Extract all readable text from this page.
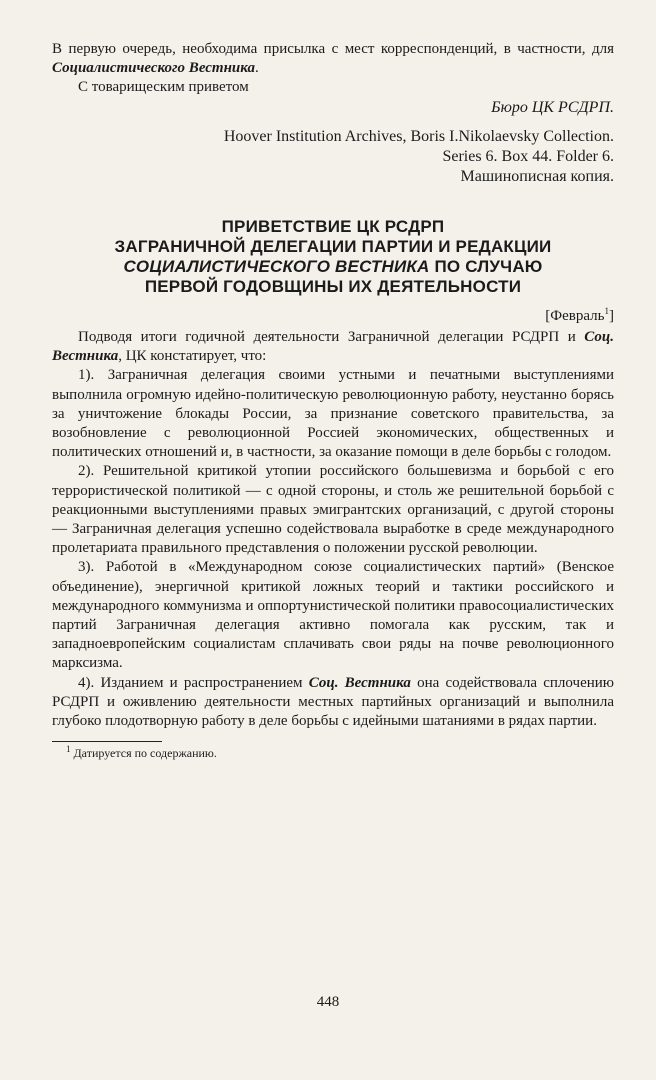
В первую очередь, необходима присылка с мест корреспонденций, в частности, для Социалистического Вестника.

С товарищеским приветом

Бюро ЦК РСДРП.

Hoover Institution Archives, Boris I.Nikolaevsky Collection.

Series 6. Box 44. Folder 6.

Машинописная копия.

ПРИВЕТСТВИЕ ЦК РСДРП
ЗАГРАНИЧНОЙ ДЕЛЕГАЦИИ ПАРТИИ И РЕДАКЦИИ
СОЦИАЛИСТИЧЕСКОГО ВЕСТНИКА ПО СЛУЧАЮ
ПЕРВОЙ ГОДОВЩИНЫ ИХ ДЕЯТЕЛЬНОСТИ

[Февраль$^1$]

Подводя итоги годичной деятельности Заграничной делегации РСДРП и Соц. Вестника, ЦК констатирует, что:

1). Заграничная делегация своими устными и печатными выступлениями выполнила огромную идейно-политическую революционную работу, неустанно борясь за уничтожение блокады России, за признание советского правительства, за возобновление с революционной Россией экономических, общественных и политических отношений и, в частности, за оказание помощи в деле борьбы с голодом.

2). Решительной критикой утопии российского большевизма и борьбой с его террористической политикой — с одной стороны, и столь же решительной борьбой с реакционными выступлениями правых эмигрантских организаций, с другой стороны — Заграничная делегация успешно содействовала выработке в среде международного пролетариата правильного представления о положении русской революции.

3). Работой в «Международном союзе социалистических партий» (Венское объединение), энергичной критикой ложных теорий и тактики российского и международного коммунизма и оппортунистической политики правосоциалистических партий Заграничная делегация активно помогала как русским, так и западноевропейским социалистам сплачивать свои ряды на почве революционного марксизма.

4). Изданием и распространением Соц. Вестника она содействовала сплочению РСДРП и оживлению деятельности местных партийных организаций и выполнила глубоко плодотворную работу в деле борьбы с идейными шатаниями в рядах партии.

$^1$ Датируется по содержанию.

448
